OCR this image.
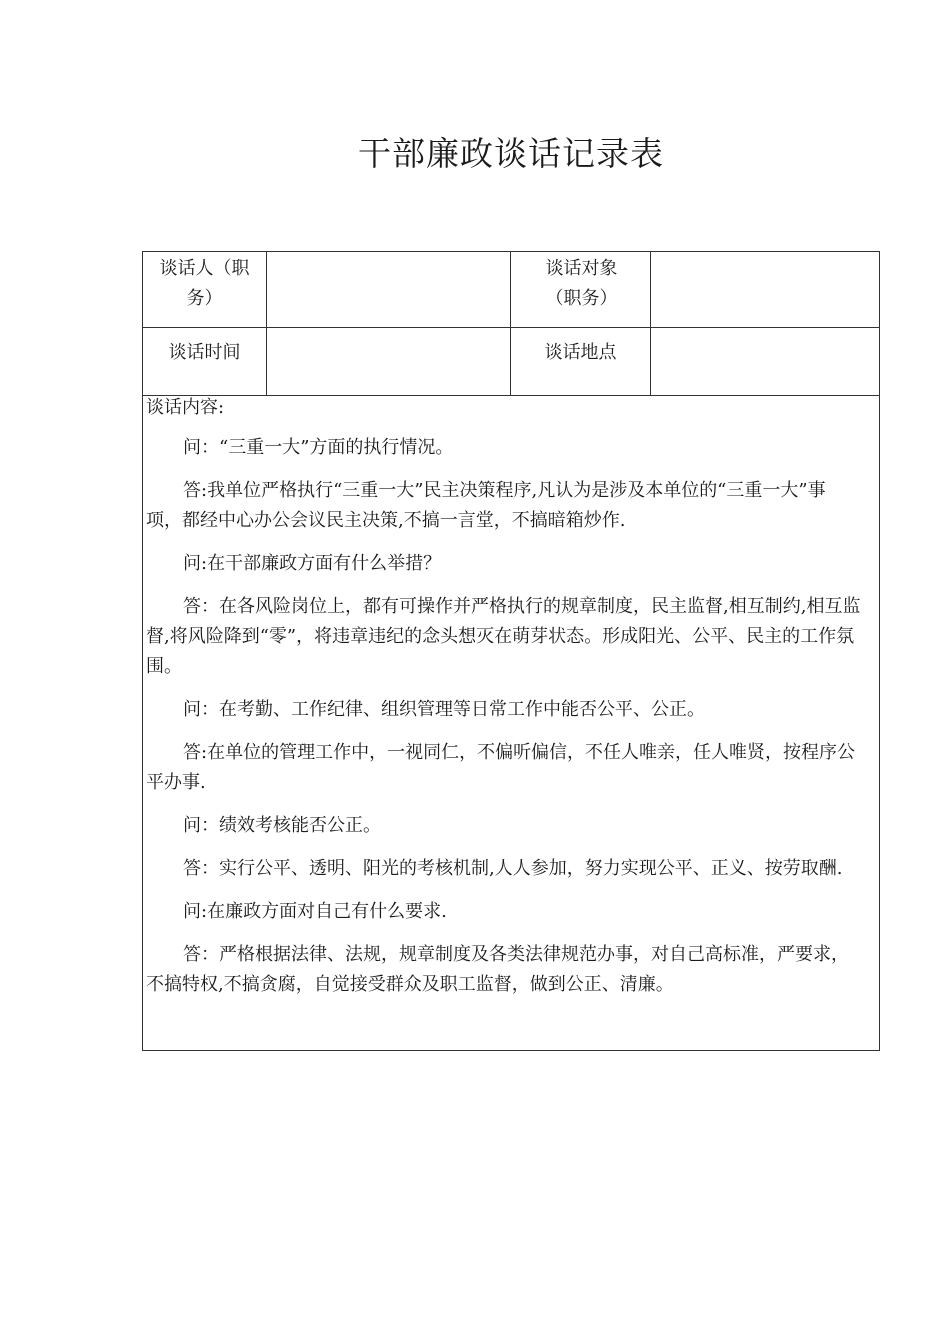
干部廉政谈话记录表
谈话人（职务）
谈话对象（职务）
谈话时间	谈话地点
谈话内容:

问：“三重一大”方面的执行情况。

答:我单位严格执行“三重一大”民主决策程序,凡认为是涉及本单位的“三重一大”事项，都经中心办公会议民主决策,不搞一言堂，不搞暗箱炒作.

问:在干部廉政方面有什么举措？

答：在各风险岗位上，都有可操作并严格执行的规章制度，民主监督,相互制约,相互监督,将风险降到“零”，将违章违纪的念头想灭在萌芽状态。形成阳光、公平、民主的工作氛围。

问：在考勤、工作纪律、组织管理等日常工作中能否公平、公正。

答:在单位的管理工作中，一视同仁，不偏听偏信，不任人唯亲，任人唯贤，按程序公平办事.

问：绩效考核能否公正。

答：实行公平、透明、阳光的考核机制,人人参加，努力实现公平、正义、按劳取酬.

问:在廉政方面对自己有什么要求.

答：严格根据法律、法规，规章制度及各类法律规范办事，对自己高标准，严要求，不搞特权,不搞贪腐，自觉接受群众及职工监督，做到公正、清廉。
